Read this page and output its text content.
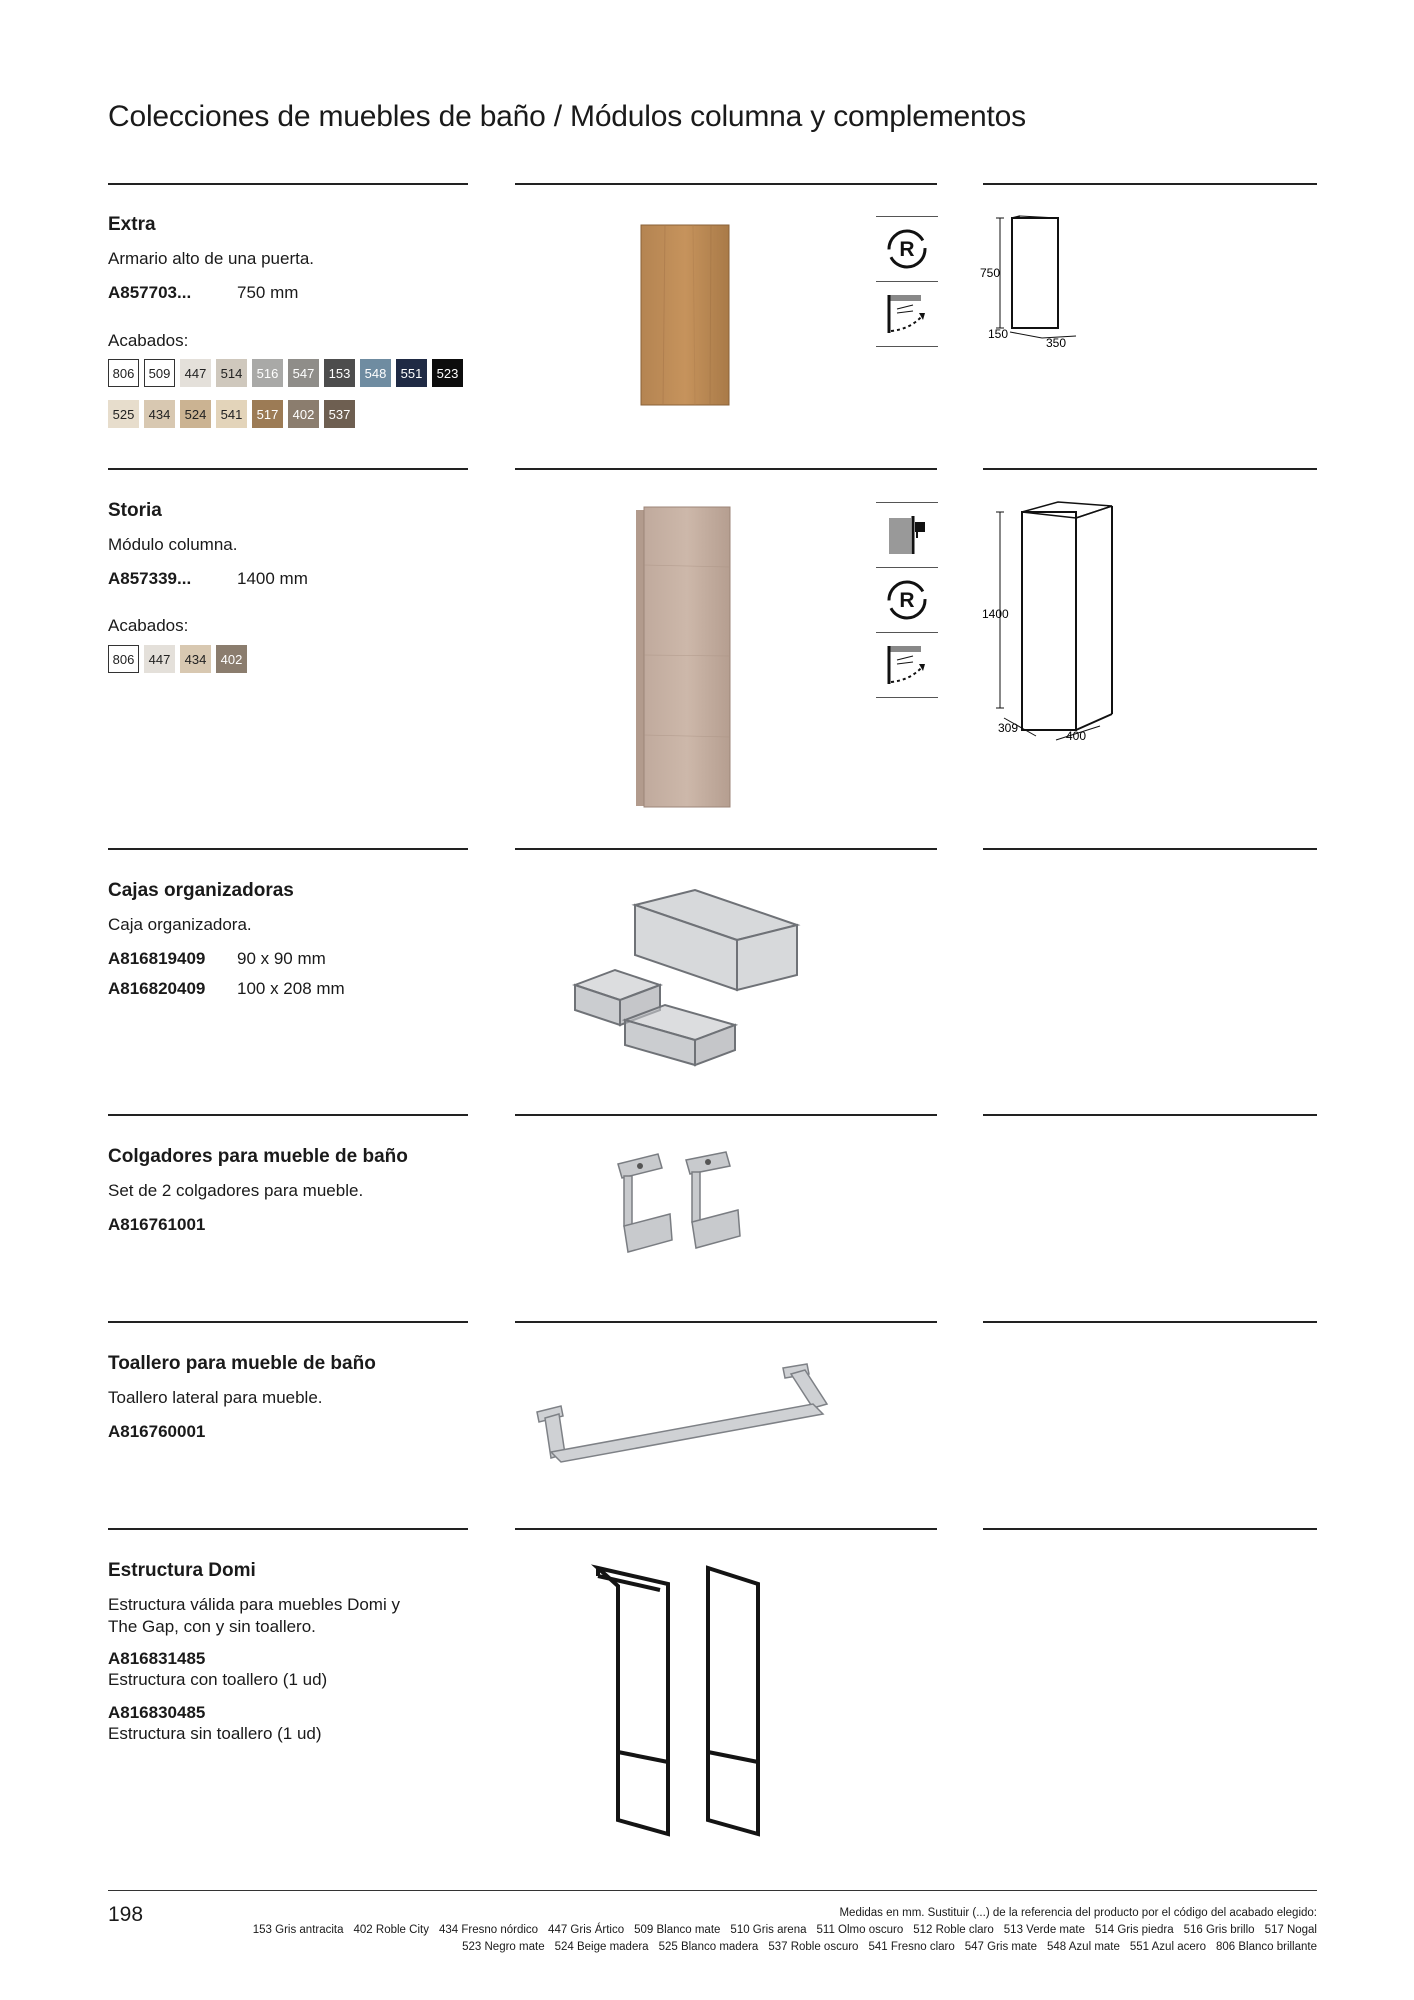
Colecciones de muebles de baño / Módulos columna y complementos
Extra
Armario alto de una puerta.
A857703...	750 mm
Acabados:
806	509	447	514	516	547	153	548	551	523
525	434	524	541	517	402	537
R
750
150
350
Storia
Módulo columna.
A857339...	1400 mm
Acabados:
806	447	434	402
R
1400
309
400
Cajas organizadoras
Caja organizadora.
A816819409 90 x 90 mm
A816820409 100 x 208 mm
Colgadores para mueble de baño
Set de 2 colgadores para mueble.
A816761001
Toallero para mueble de baño
Toallero lateral para mueble.
A816760001
Estructura Domi
Estructura válida para muebles Domi y
The Gap, con y sin toallero.
A816831485
Estructura con toallero (1 ud)
A816830485
Estructura sin toallero (1 ud)
198	Medidas en mm. Sustituir (...) de la referencia del producto por el código del acabado elegido:
153 Gris antracita 402 Roble City 434 Fresno nórdico 447 Gris Ártico 509 Blanco mate 510 Gris arena 511 Olmo oscuro 512 Roble claro 513 Verde mate 514 Gris piedra 516 Gris brillo 517 Nogal
523 Negro mate 524 Beige madera 525 Blanco madera 537 Roble oscuro 541 Fresno claro 547 Gris mate 548 Azul mate 551 Azul acero 806 Blanco brillante
